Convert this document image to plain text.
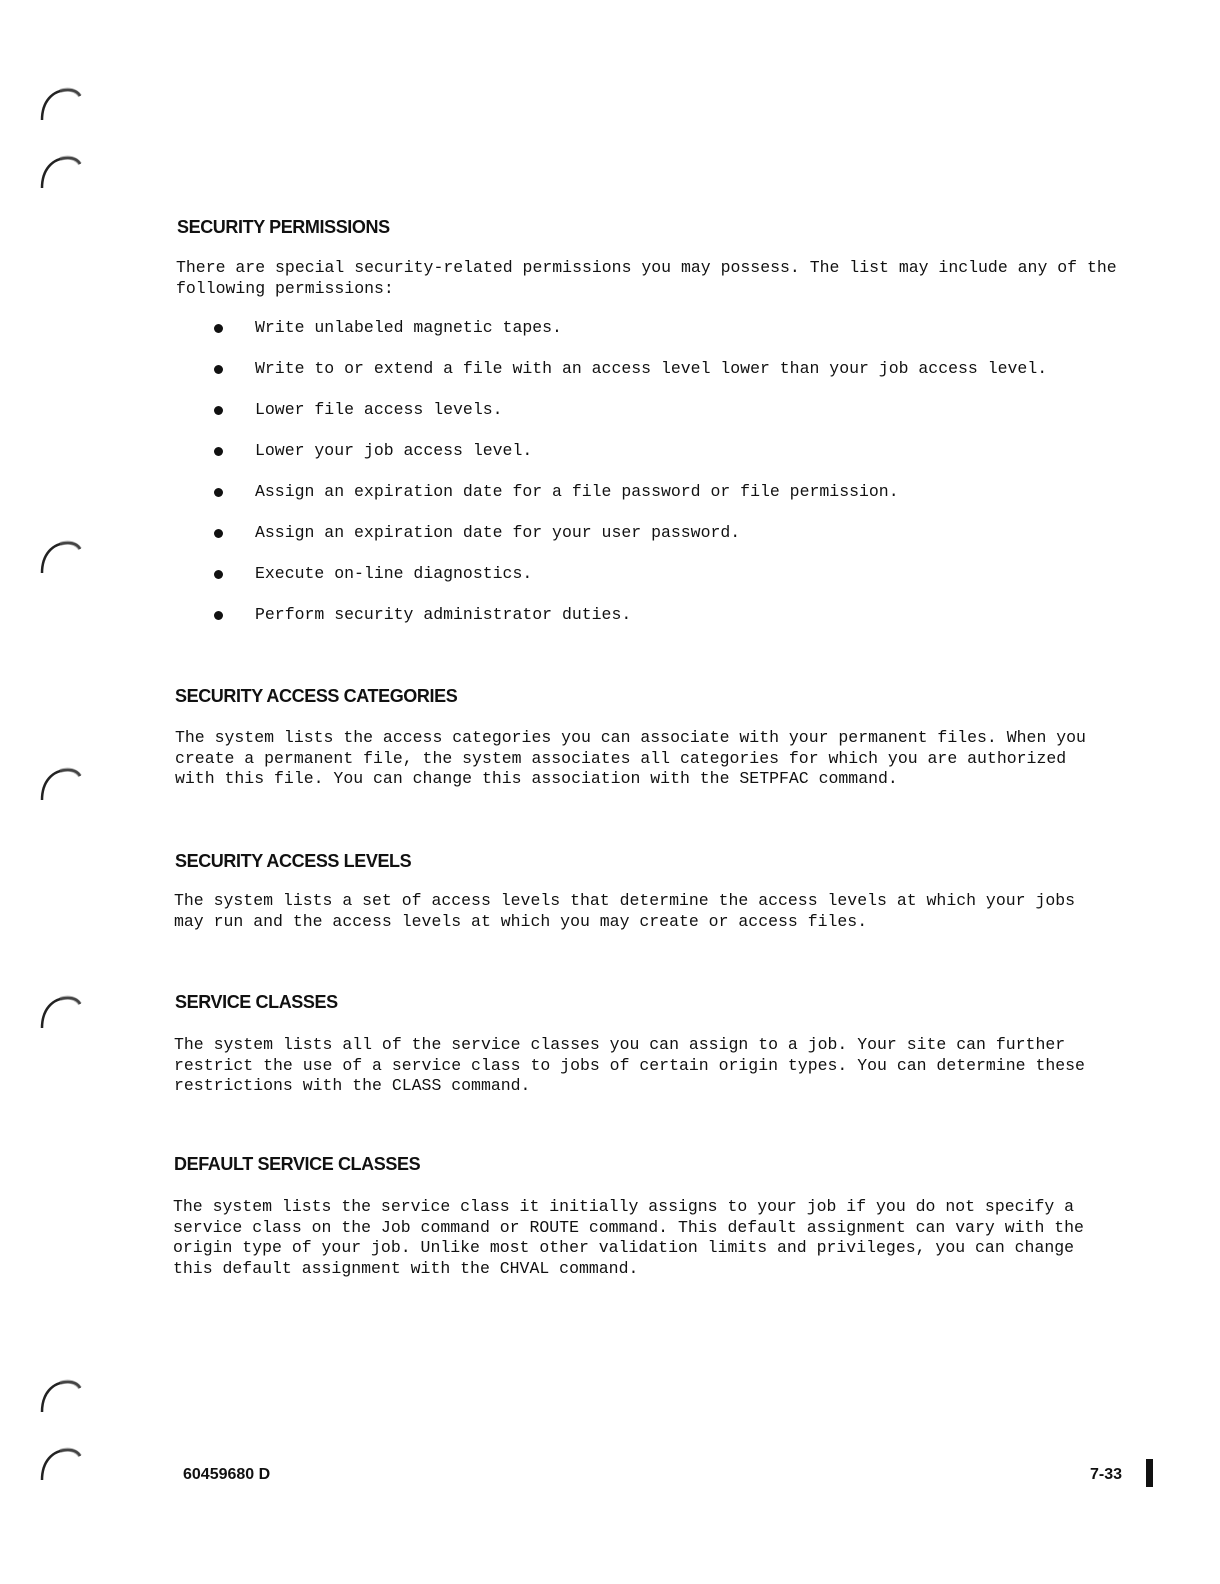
SECURITY PERMISSIONS

There are special security-related permissions you may possess. The list may include any of the following permissions:

Write unlabeled magnetic tapes.
Write to or extend a file with an access level lower than your job access level.
Lower file access levels.
Lower your job access level.
Assign an expiration date for a file password or file permission.
Assign an expiration date for your user password.
Execute on-line diagnostics.
Perform security administrator duties.
SECURITY ACCESS CATEGORIES

The system lists the access categories you can associate with your permanent files. When you create a permanent file, the system associates all categories for which you are authorized with this file. You can change this association with the SETPFAC command.

SECURITY ACCESS LEVELS

The system lists a set of access levels that determine the access levels at which your jobs may run and the access levels at which you may create or access files.

SERVICE CLASSES

The system lists all of the service classes you can assign to a job. Your site can further restrict the use of a service class to jobs of certain origin types. You can determine these restrictions with the CLASS command.

DEFAULT SERVICE CLASSES

The system lists the service class it initially assigns to your job if you do not specify a service class on the Job command or ROUTE command. This default assignment can vary with the origin type of your job. Unlike most other validation limits and privileges, you can change this default assignment with the CHVAL command.

60459680 D	7-33
